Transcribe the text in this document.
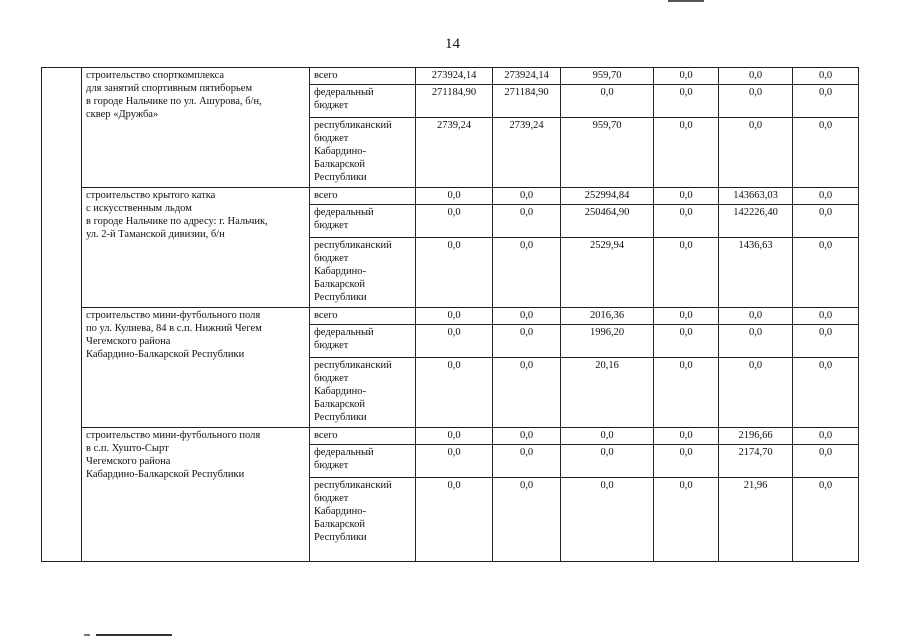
14
	строительство спорткомплекса
для занятий спортивным пятиборьем
в городе Нальчике по ул. Ашурова, б/н,
сквер «Дружба»	всего	273924,14	273924,14	959,70	0,0	0,0	0,0
		федеральный
бюджет	271184,90	271184,90	0,0	0,0	0,0	0,0
		республиканский
бюджет
Кабардино-
Балкарской
Республики	2739,24	2739,24	959,70	0,0	0,0	0,0
	строительство крытого катка
с искусственным льдом
в городе Нальчике по адресу: г. Нальчик,
ул. 2-й Таманской дивизии, б/н	всего	0,0	0,0	252994,84	0,0	143663,03	0,0
		федеральный
бюджет	0,0	0,0	250464,90	0,0	142226,40	0,0
		республиканский
бюджет
Кабардино-
Балкарской
Республики	0,0	0,0	2529,94	0,0	1436,63	0,0
	строительство мини-футбольного поля
по ул. Кулиева, 84 в с.п. Нижний Чегем
Чегемского района
Кабардино-Балкарской Республики	всего	0,0	0,0	2016,36	0,0	0,0	0,0
		федеральный
бюджет	0,0	0,0	1996,20	0,0	0,0	0,0
		республиканский
бюджет
Кабардино-
Балкарской
Республики	0,0	0,0	20,16	0,0	0,0	0,0
	строительство мини-футбольного поля
в с.п. Хушто-Сырт
Чегемского района
Кабардино-Балкарской Республики	всего	0,0	0,0	0,0	0,0	2196,66	0,0
		федеральный
бюджет	0,0	0,0	0,0	0,0	2174,70	0,0
		республиканский
бюджет
Кабардино-
Балкарской
Республики	0,0	0,0	0,0	0,0	21,96	0,0
